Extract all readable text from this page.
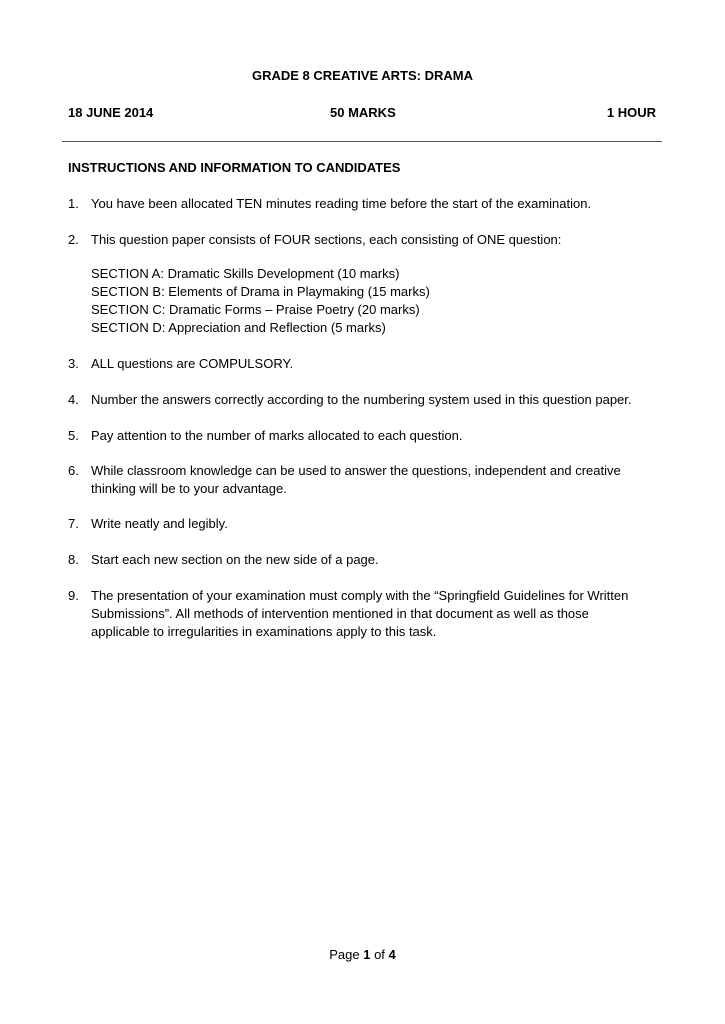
GRADE 8 CREATIVE ARTS: DRAMA
18 JUNE 2014	50 MARKS	1 HOUR
INSTRUCTIONS AND INFORMATION TO CANDIDATES
1. You have been allocated TEN minutes reading time before the start of the examination.
2. This question paper consists of FOUR sections, each consisting of ONE question:
SECTION A: Dramatic Skills Development (10 marks)
SECTION B: Elements of Drama in Playmaking (15 marks)
SECTION C: Dramatic Forms – Praise Poetry (20 marks)
SECTION D: Appreciation and Reflection (5 marks)
3. ALL questions are COMPULSORY.
4. Number the answers correctly according to the numbering system used in this question paper.
5. Pay attention to the number of marks allocated to each question.
6. While classroom knowledge can be used to answer the questions, independent and creative thinking will be to your advantage.
7. Write neatly and legibly.
8. Start each new section on the new side of a page.
9. The presentation of your examination must comply with the “Springfield Guidelines for Written Submissions”. All methods of intervention mentioned in that document as well as those applicable to irregularities in examinations apply to this task.
Page 1 of 4
